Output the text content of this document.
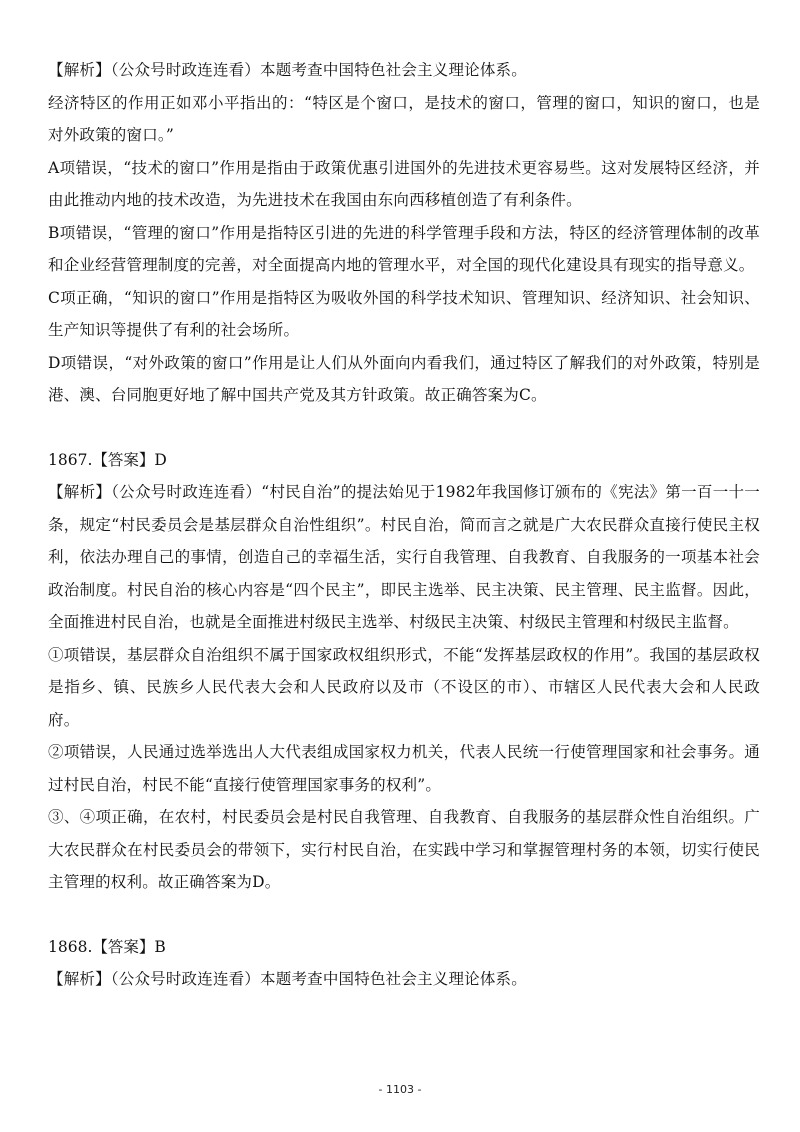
【解析】（公众号时政连连看）本题考查中国特色社会主义理论体系。

经济特区的作用正如邓小平指出的：“特区是个窗口，是技术的窗口，管理的窗口，知识的窗口，也是对外政策的窗口。”

A项错误，“技术的窗口”作用是指由于政策优惠引进国外的先进技术更容易些。这对发展特区经济，并由此推动内地的技术改造，为先进技术在我国由东向西移植创造了有利条件。

B项错误，“管理的窗口”作用是指特区引进的先进的科学管理手段和方法，特区的经济管理体制的改革和企业经营管理制度的完善，对全面提高内地的管理水平，对全国的现代化建设具有现实的指导意义。

C项正确，“知识的窗口”作用是指特区为吸收外国的科学技术知识、管理知识、经济知识、社会知识、生产知识等提供了有利的社会场所。

D项错误，“对外政策的窗口”作用是让人们从外面向内看我们，通过特区了解我们的对外政策，特别是港、澳、台同胞更好地了解中国共产党及其方针政策。故正确答案为C。

1867.【答案】D

【解析】（公众号时政连连看）“村民自治”的提法始见于1982年我国修订颁布的《宪法》第一百一十一条，规定“村民委员会是基层群众自治性组织”。村民自治，简而言之就是广大农民群众直接行使民主权利，依法办理自己的事情，创造自己的幸福生活，实行自我管理、自我教育、自我服务的一项基本社会政治制度。村民自治的核心内容是“四个民主”，即民主选举、民主决策、民主管理、民主监督。因此，全面推进村民自治，也就是全面推进村级民主选举、村级民主决策、村级民主管理和村级民主监督。

①项错误，基层群众自治组织不属于国家政权组织形式，不能“发挥基层政权的作用”。我国的基层政权是指乡、镇、民族乡人民代表大会和人民政府以及市（不设区的市）、市辖区人民代表大会和人民政府。

②项错误，人民通过选举选出人大代表组成国家权力机关，代表人民统一行使管理国家和社会事务。通过村民自治，村民不能“直接行使管理国家事务的权利”。

③、④项正确，在农村，村民委员会是村民自我管理、自我教育、自我服务的基层群众性自治组织。广大农民群众在村民委员会的带领下，实行村民自治，在实践中学习和掌握管理村务的本领，切实行使民主管理的权利。故正确答案为D。

1868.【答案】B

【解析】（公众号时政连连看）本题考查中国特色社会主义理论体系。

- 1103 -
